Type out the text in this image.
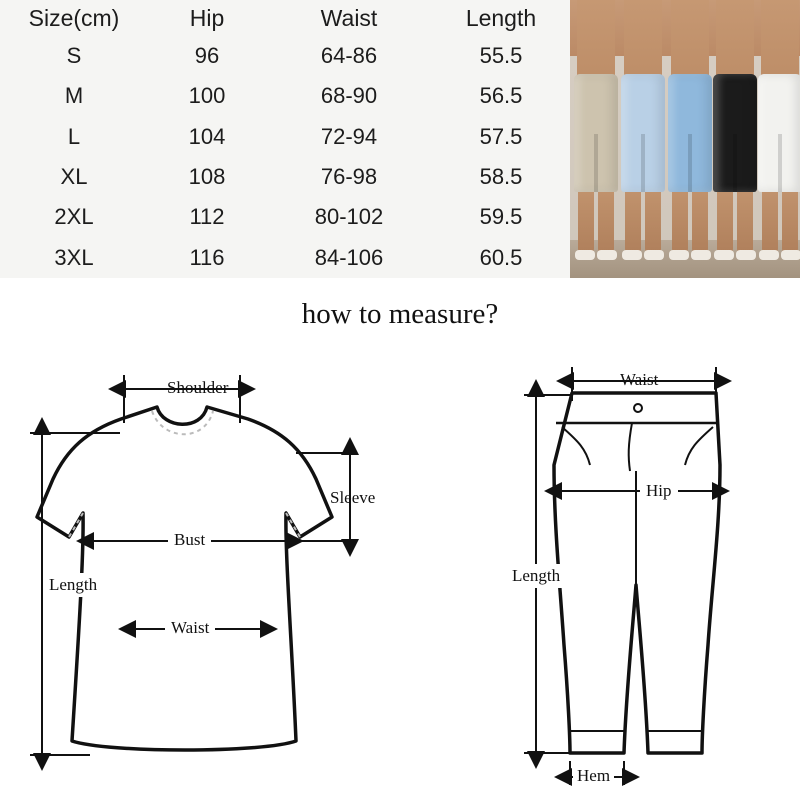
Size(cm)	Hip	Waist	Length
S	96	64-86	55.5
M	100	68-90	56.5
L	104	72-94	57.5
XL	108	76-98	58.5
2XL	112	80-102	59.5
3XL	116	84-106	60.5
how to measure?
Shoulder
Sleeve
Bust
Waist
Length
Waist
Hip
Length
Hem
